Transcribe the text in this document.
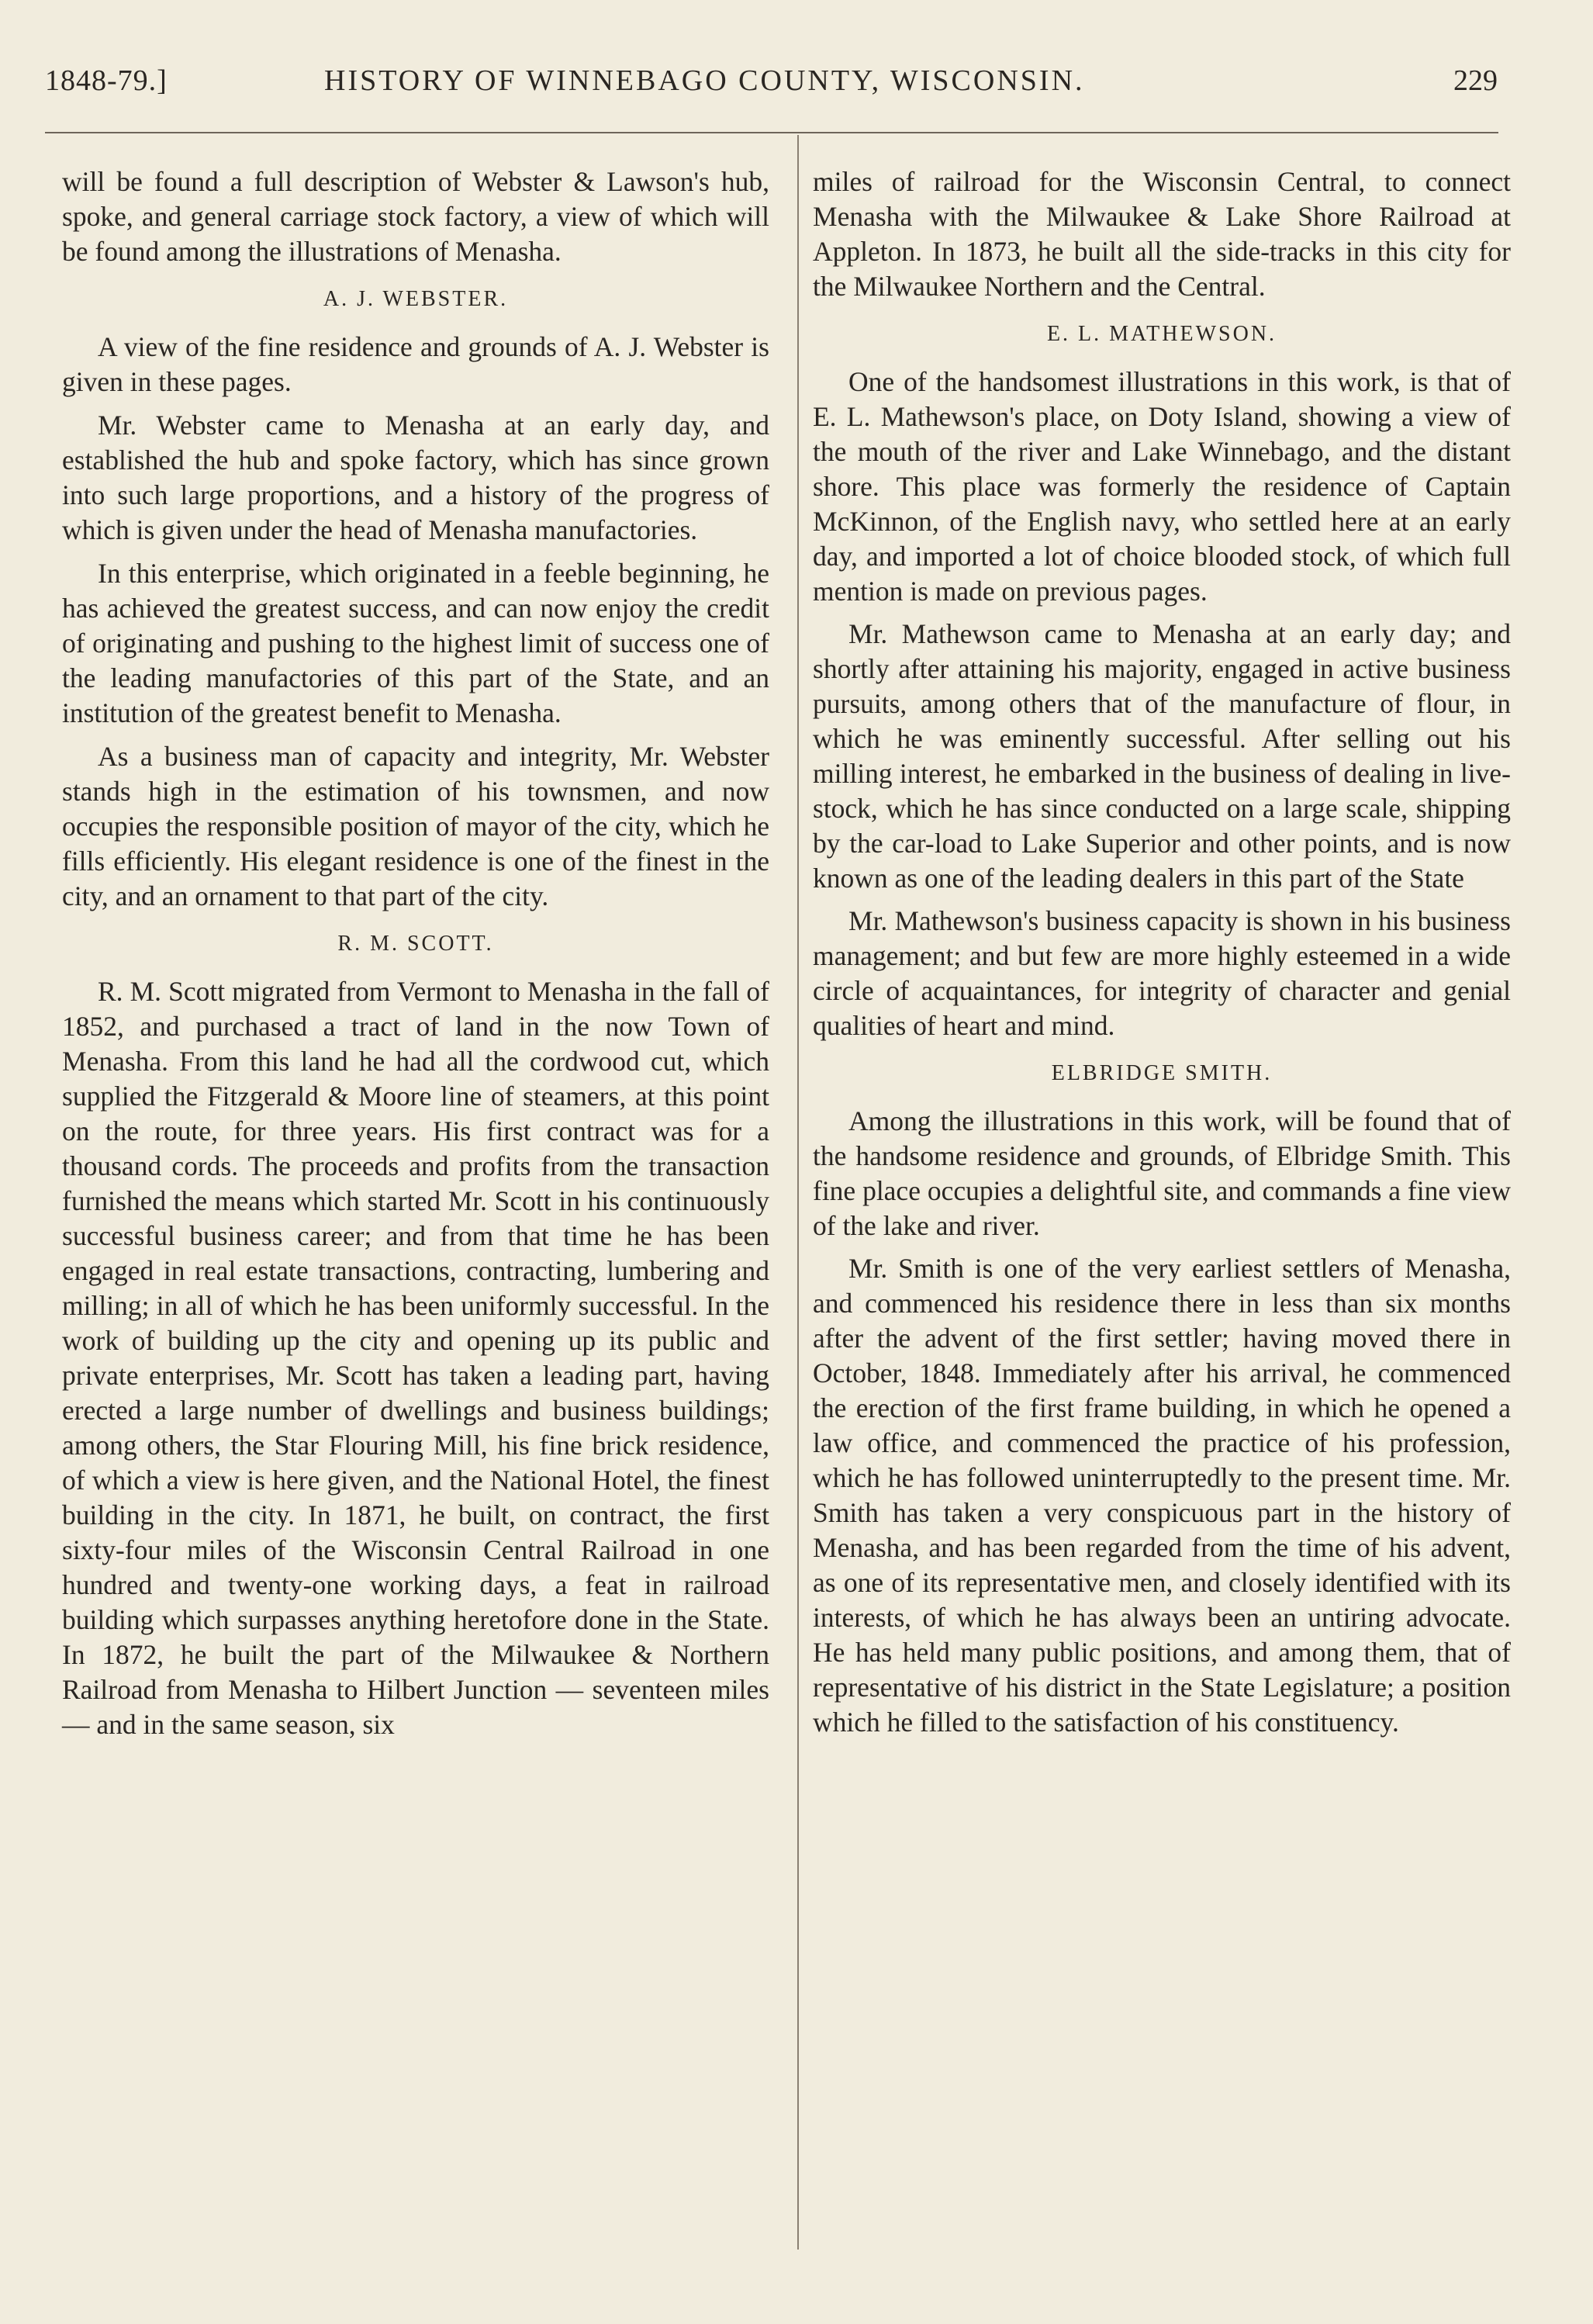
1848-79.]	HISTORY OF WINNEBAGO COUNTY, WISCONSIN.	229

will be found a full description of Webster & Lawson's hub, spoke, and general carriage stock factory, a view of which will be found among the illustrations of Menasha.

A. J. WEBSTER.

A view of the fine residence and grounds of A. J. Webster is given in these pages.

Mr. Webster came to Menasha at an early day, and established the hub and spoke factory, which has since grown into such large proportions, and a history of the progress of which is given under the head of Menasha manufactories.

In this enterprise, which originated in a feeble beginning, he has achieved the greatest success, and can now enjoy the credit of originating and pushing to the highest limit of success one of the leading manufactories of this part of the State, and an institution of the greatest benefit to Menasha.

As a business man of capacity and integrity, Mr. Webster stands high in the estimation of his townsmen, and now occupies the responsible position of mayor of the city, which he fills efficiently. His elegant residence is one of the finest in the city, and an ornament to that part of the city.

R. M. SCOTT.

R. M. Scott migrated from Vermont to Menasha in the fall of 1852, and purchased a tract of land in the now Town of Menasha. From this land he had all the cordwood cut, which supplied the Fitzgerald & Moore line of steamers, at this point on the route, for three years. His first contract was for a thousand cords. The proceeds and profits from the transaction furnished the means which started Mr. Scott in his continuously successful business career; and from that time he has been engaged in real estate transactions, contracting, lumbering and milling; in all of which he has been uniformly successful. In the work of building up the city and opening up its public and private enterprises, Mr. Scott has taken a leading part, having erected a large number of dwellings and business buildings; among others, the Star Flouring Mill, his fine brick residence, of which a view is here given, and the National Hotel, the finest building in the city. In 1871, he built, on contract, the first sixty-four miles of the Wisconsin Central Railroad in one hundred and twenty-one working days, a feat in railroad building which surpasses anything heretofore done in the State. In 1872, he built the part of the Milwaukee & Northern Railroad from Menasha to Hilbert Junction — seventeen miles — and in the same season, six

miles of railroad for the Wisconsin Central, to connect Menasha with the Milwaukee & Lake Shore Railroad at Appleton. In 1873, he built all the side-tracks in this city for the Milwaukee Northern and the Central.

E. L. MATHEWSON.

One of the handsomest illustrations in this work, is that of E. L. Mathewson's place, on Doty Island, showing a view of the mouth of the river and Lake Winnebago, and the distant shore. This place was formerly the residence of Captain McKinnon, of the English navy, who settled here at an early day, and imported a lot of choice blooded stock, of which full mention is made on previous pages.

Mr. Mathewson came to Menasha at an early day; and shortly after attaining his majority, engaged in active business pursuits, among others that of the manufacture of flour, in which he was eminently successful. After selling out his milling interest, he embarked in the business of dealing in live-stock, which he has since conducted on a large scale, shipping by the car-load to Lake Superior and other points, and is now known as one of the leading dealers in this part of the State

Mr. Mathewson's business capacity is shown in his business management; and but few are more highly esteemed in a wide circle of acquaintances, for integrity of character and genial qualities of heart and mind.

ELBRIDGE SMITH.

Among the illustrations in this work, will be found that of the handsome residence and grounds, of Elbridge Smith. This fine place occupies a delightful site, and commands a fine view of the lake and river.

Mr. Smith is one of the very earliest settlers of Menasha, and commenced his residence there in less than six months after the advent of the first settler; having moved there in October, 1848. Immediately after his arrival, he commenced the erection of the first frame building, in which he opened a law office, and commenced the practice of his profession, which he has followed uninterruptedly to the present time. Mr. Smith has taken a very conspicuous part in the history of Menasha, and has been regarded from the time of his advent, as one of its representative men, and closely identified with its interests, of which he has always been an untiring advocate. He has held many public positions, and among them, that of representative of his district in the State Legislature; a position which he filled to the satisfaction of his constituency.
